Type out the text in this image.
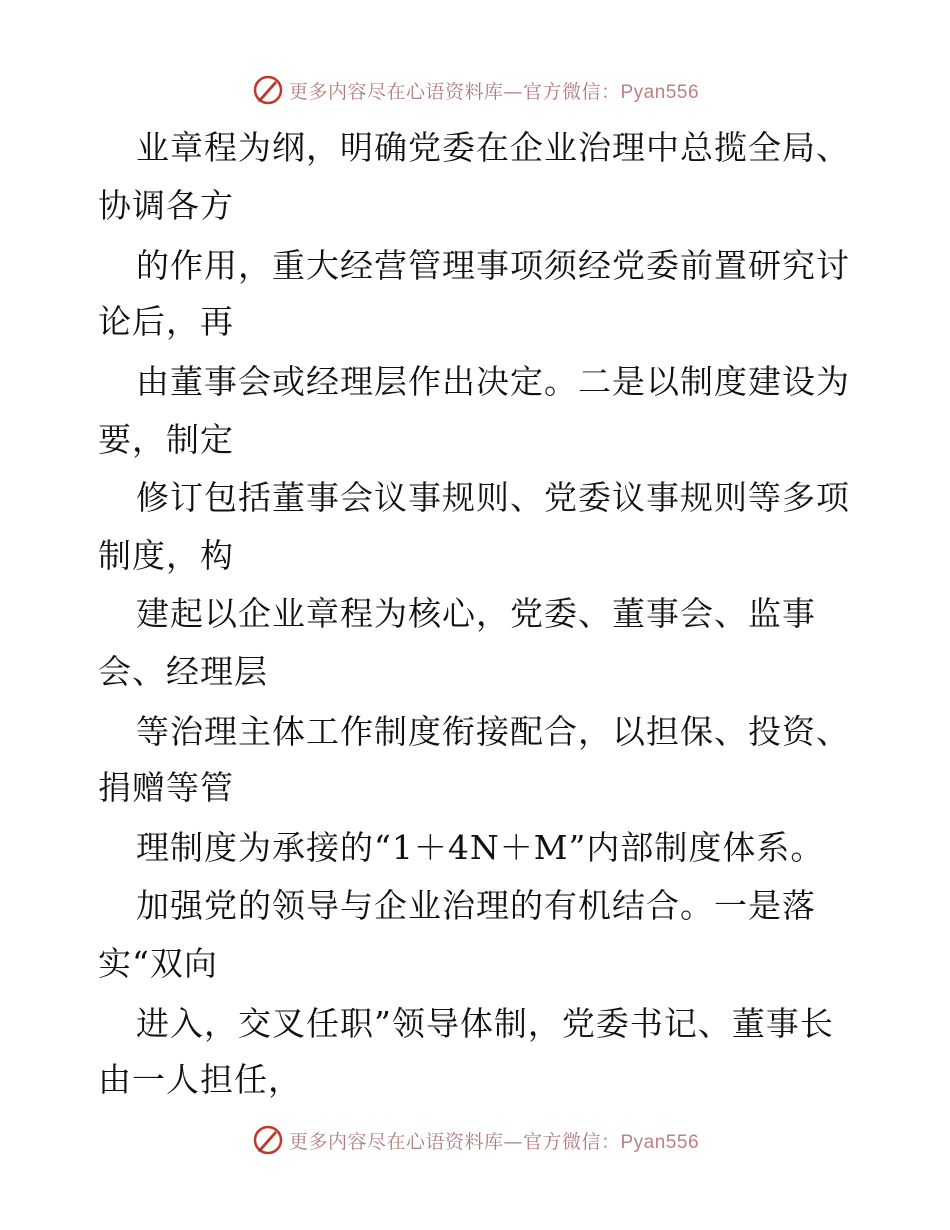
更多内容尽在心语资料库—官方微信：Pyan556
业章程为纲，明确党委在企业治理中总揽全局、
协调各方
的作用，重大经营管理事项须经党委前置研究讨
论后，再
由董事会或经理层作出决定。二是以制度建设为
要，制定
修订包括董事会议事规则、党委议事规则等多项
制度，构
建起以企业章程为核心，党委、董事会、监事
会、经理层
等治理主体工作制度衔接配合，以担保、投资、
捐赠等管
理制度为承接的“1＋4N＋M”内部制度体系。
加强党的领导与企业治理的有机结合。一是落
实“双向
进入，交叉任职”领导体制，党委书记、董事长
由一人担任，
更多内容尽在心语资料库—官方微信：Pyan556
